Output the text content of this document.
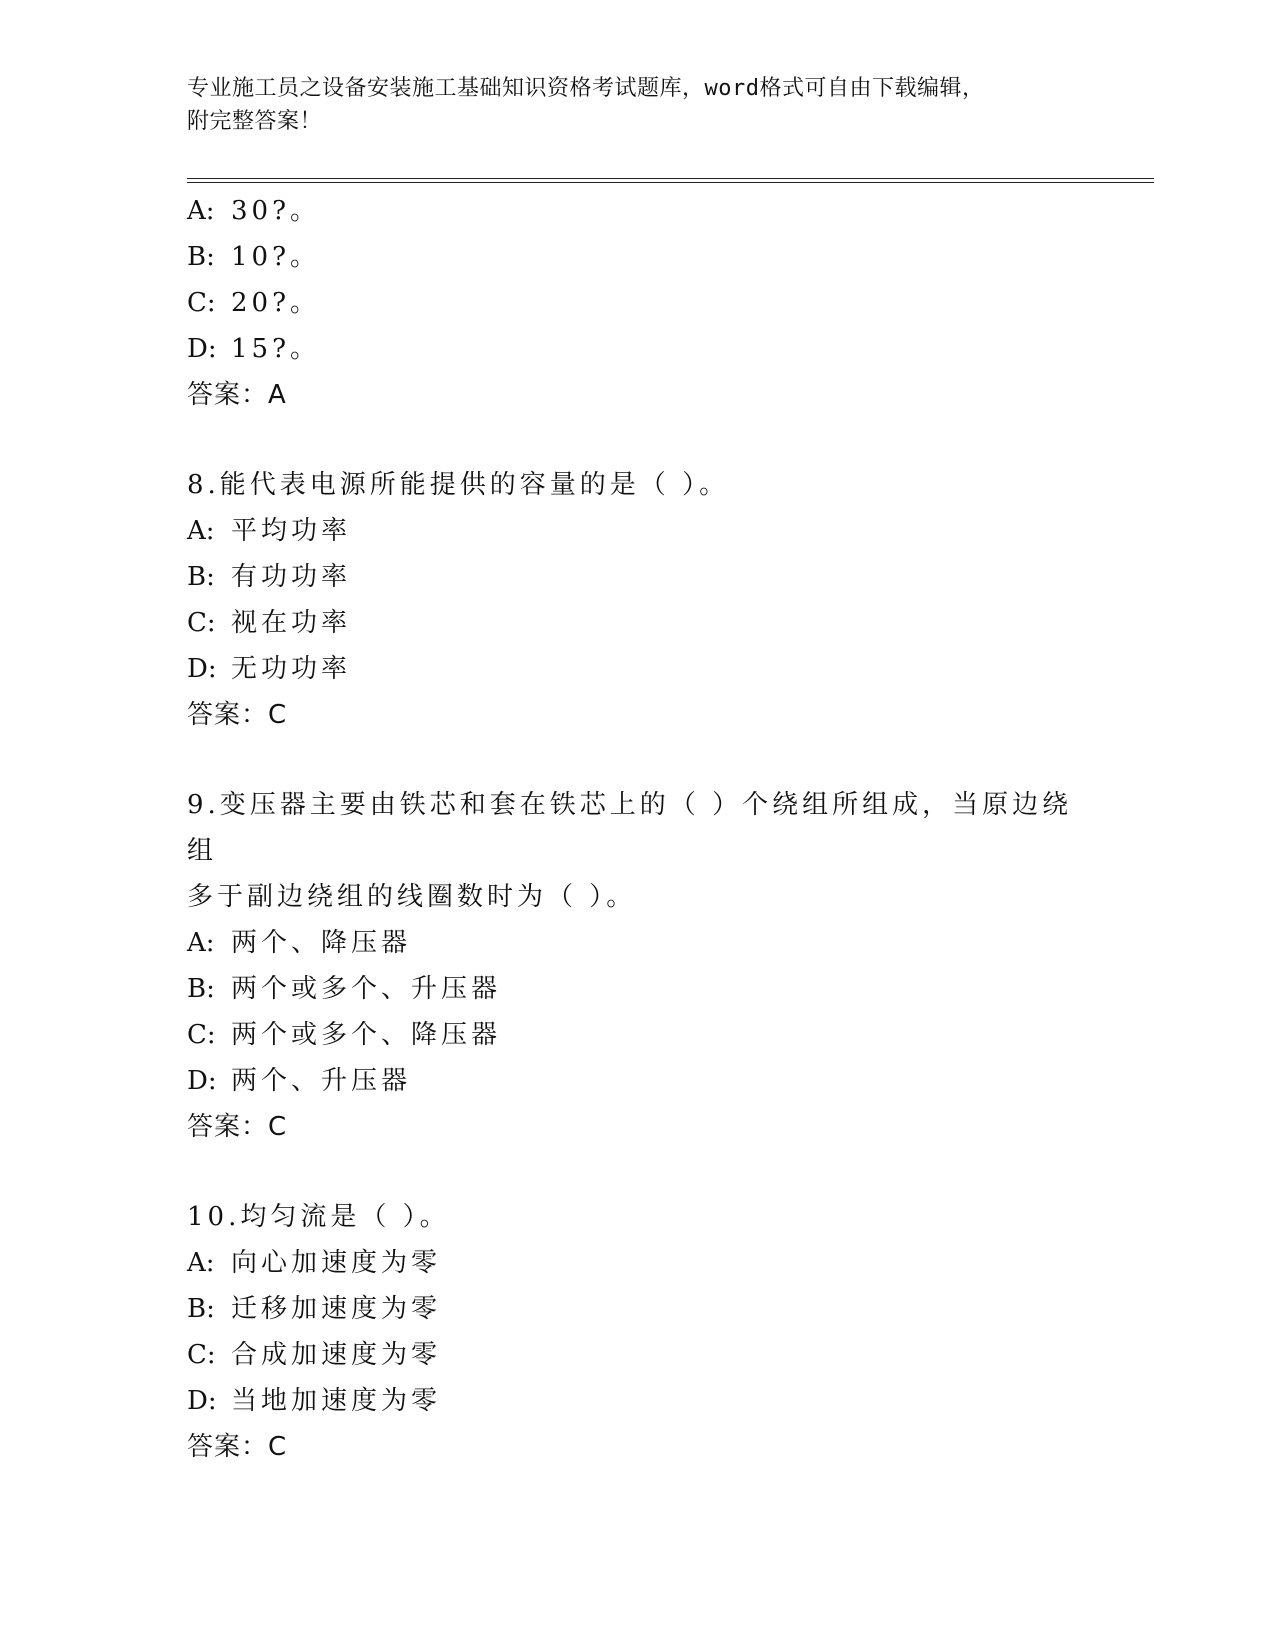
专业施工员之设备安装施工基础知识资格考试题库，word格式可自由下载编辑，
附完整答案！
A: 30?。
B: 10?。
C: 20?。
D: 15?。
答案：A
8.能代表电源所能提供的容量的是（ ）。
A: 平均功率
B: 有功功率
C: 视在功率
D: 无功功率
答案：C
9.变压器主要由铁芯和套在铁芯上的（ ）个绕组所组成，当原边绕组
多于副边绕组的线圈数时为（ ）。
A: 两个、降压器
B: 两个或多个、升压器
C: 两个或多个、降压器
D: 两个、升压器
答案：C
10.均匀流是（ ）。
A: 向心加速度为零
B: 迁移加速度为零
C: 合成加速度为零
D: 当地加速度为零
答案：C
